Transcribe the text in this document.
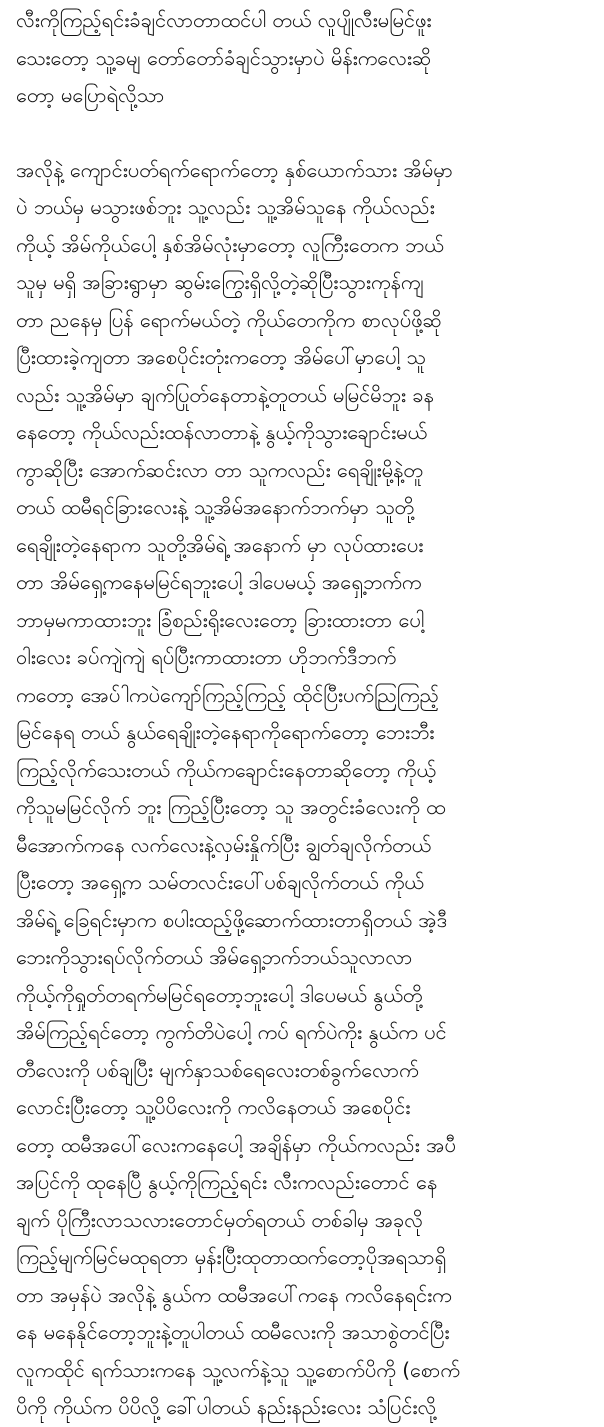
လီးကိုကြည့်ရင်းခံချင်လာတာထင်ပါ တယ် လူပျိုလီးမမြင်ဖူး
သေးတော့ သူ့ခမျ တော်တော်ခံချင်သွားမှာပဲ မိန်းကလေးဆို
တော့ မပြောရဲလို့သာ
အလိုနဲ့ ကျောင်းပတ်ရက်ရောက်တော့ နှစ်ယောက်သား အိမ်မှာ
ပဲ ဘယ်မှ မသွားဖစ်ဘူး သူ့လည်း သူ့အိမ်သူနေ ကိုယ်လည်း
ကိုယ့် အိမ်ကိုယ်ပေါ့ နှစ်အိမ်လုံးမှာတော့ လူကြီးတေက ဘယ်
သူမှ မရှိ အခြားရွာမှာ ဆွမ်းကြွေးရှိလို့တဲ့ဆိုပြီးသွားကုန်ကျ
တာ ညနေမှ ပြန် ရောက်မယ်တဲ့ ကိုယ်တေကိုက စာလုပ်ဖို့ဆို
ပြီးထားခဲ့ကျတာ အစေပိုင်းတုံးကတော့ အိမ်ပေါ်မှာပေါ့ သူ
လည်း သူ့အိမ်မှာ ချက်ပြုတ်နေတာနဲ့တူတယ် မမြင်မိဘူး ခန
နေတော့ ကိုယ်လည်းထန်လာတာနဲ့ နွယ့်ကိုသွားချောင်းမယ်
ကွာဆိုပြီး အောက်ဆင်းလာ တာ သူကလည်း ရေချိုးမို့နဲ့တူ
တယ် ထမီရင်ခြားလေးနဲ့ သူ့အိမ်အနောက်ဘက်မှာ သူတို့
ရေချိုးတဲ့နေရာက သူတို့အိမ်ရဲ့ အနောက် မှာ လုပ်ထားပေး
တာ အိမ်ရှေ့ကနေမမြင်ရဘူးပေါ့ ဒါပေမယ့် အရှေ့ဘက်က
ဘာမှမကာထားဘူး ခြံစည်းရိုးလေးတော့ ခြားထားတာ ပေါ့
ဝါးလေး ခပ်ကျဲကျဲ ရပ်ပြီးကာထားတာ ဟိုဘက်ဒီဘက်
ကတော့ အေပ်ါကပဲကျော်ကြည့်ကြည့် ထိုင်ပြီးပက်ညြကြည့်
မြင်နေရ တယ် နွယ်ရေချိုးတဲ့နေရာကိုရောက်တော့ ဘေးဘီး
ကြည့်လိုက်သေးတယ် ကိုယ်ကချောင်းနေတာဆိုတော့ ကိုယ့်
ကိုသူမမြင်လိုက် ဘူး ကြည့်ပြီးတော့ သူ အတွင်းခံလေးကို ထ
မီအောက်ကနေ လက်လေးနဲ့လှမ်းနှိုက်ပြီး ချွတ်ချလိုက်တယ်
ပြီးတော့ အရှေ့က သမ်တလင်းပေါ်ပစ်ချလိုက်တယ် ကိုယ်
အိမ်ရဲ့ ခြေရင်းမှာက စပါးထည့်ဖို့ဆောက်ထားတာရှိတယ် အဲ့ဒီ
ဘေးကိုသွားရပ်လိုက်တယ် အိမ်ရှေ့ဘက်ဘယ်သူလာလာ
ကိုယ့်ကိုရှုတ်တရက်မမြင်ရတော့ဘူးပေါ့ ဒါပေမယ် နွယ်တို့
အိမ်ကြည့်ရင်တော့ ကွက်တိပဲပေါ့ ကပ် ရက်ပဲကိုး နွယ်က ပင်
တီလေးကို ပစ်ချပြီး မျက်နှာသစ်ရေလေးတစ်ခွက်လောက်
လောင်းပြီးတော့ သူ့ပိပိလေးကို ကလိနေတယ် အစေပိုင်း
တော့ ထမီအပေါ်လေးကနေပေါ့ အချိန်မှာ ကိုယ်ကလည်း အပီ
အပြင်ကို ထုနေပြီ နွယ့်ကိုကြည့်ရင်း လီးကလည်းတောင် နေ
ချက် ပိုကြီးလာသလားတောင်မှတ်ရတယ် တစ်ခါမှ အခုလို
ကြည့်မျက်မြင်မထုရတာ မှန်းပြီးထုတာထက်တော့ပိုအရသာရှိ
တာ အမှန်ပဲ အလိုနဲ့ နွယ်က ထမီအပေါ်ကနေ ကလိနေရင်းက
နေ မနေနိုင်တော့ဘူးနဲ့တူပါတယ် ထမီလေးကို အသာစွဲတင်ပြီး
လူကထိုင် ရက်သားကနေ သူ့လက်နဲ့သူ သူ့စောက်ပိကို (စောက်
ပိကို ကိုယ်က ပိပိလို့ ခေါ်ပါတယ် နည်းနည်းလေး သံပြင်းလို့
